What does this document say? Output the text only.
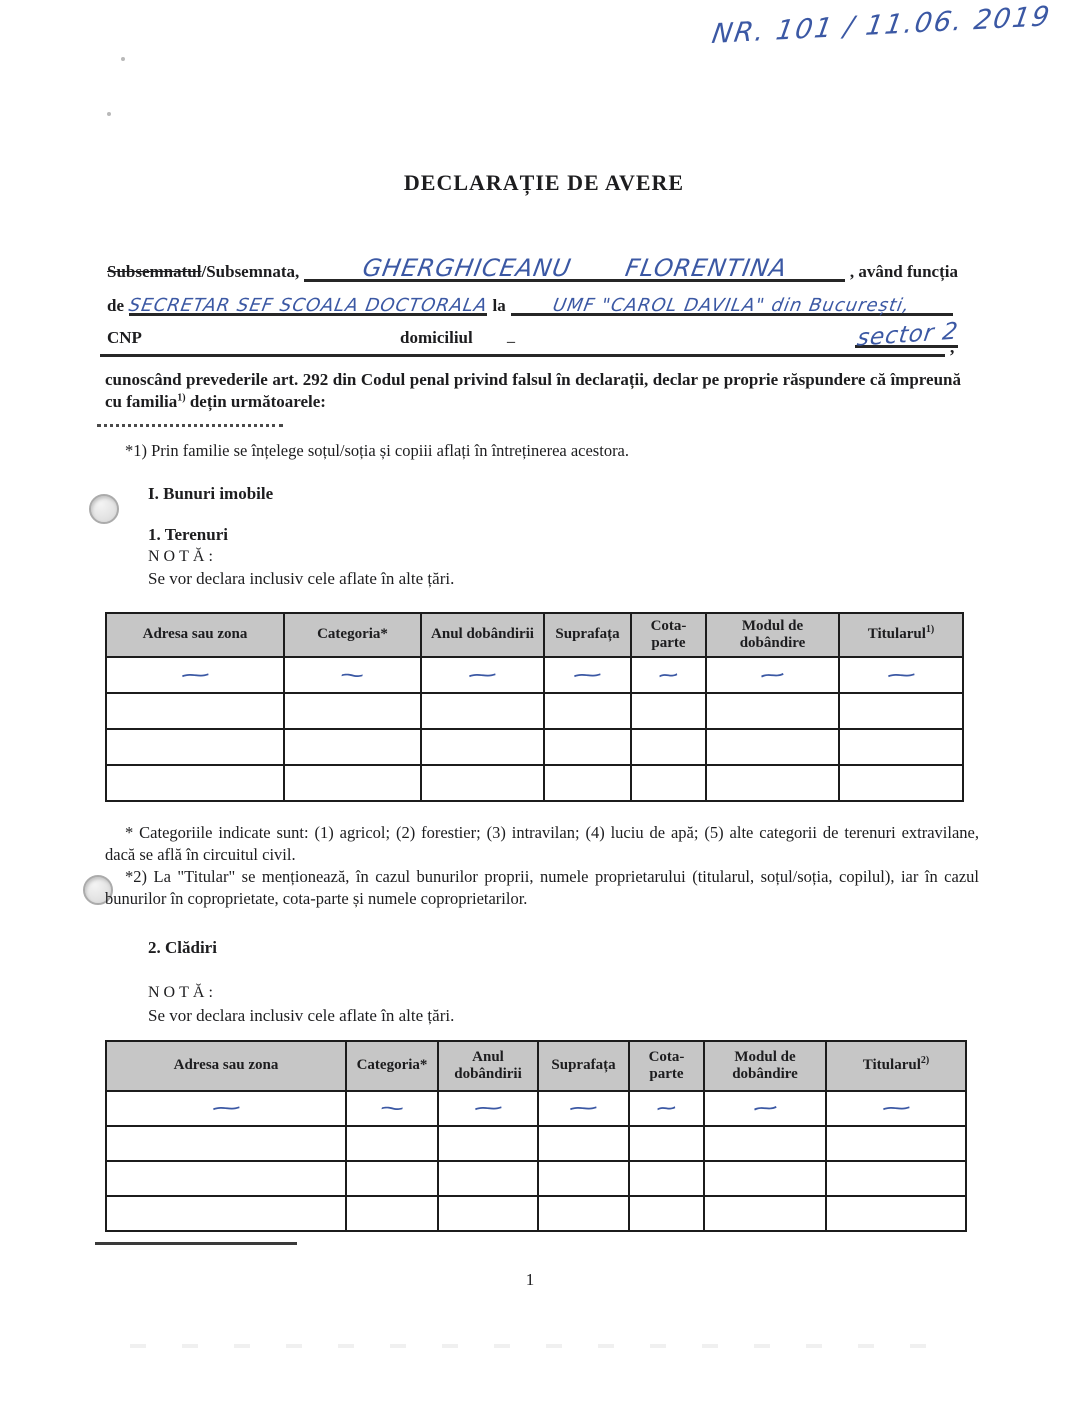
NR. 101 / 11.06. 2019
DECLARAȚIE DE AVERE
Subsemnatul/Subsemnata,	GHERGHICEANU FLORENTINA	, având funcția
de SECRETAR SEF SCOALA DOCTORALA la	UMF "CAROL DAVILA" din București,
CNP	domiciliul _	sector 2
’
cunoscând prevederile art. 292 din Codul penal privind falsul în declarații, declar pe proprie răspundere că împreună cu familia$^{1)}$ dețin următoarele:
*1) Prin familie se înțelege soțul/soția și copiii aflați în întreținerea acestora.
I. Bunuri imobile
1. Terenuri
NOTĂ:
Se vor declara inclusiv cele aflate în alte țări.
Adresa sau zona	Categoria*	Anul dobândirii	Suprafața	Cota-parte	Modul de dobândire	Titularul$^{1)}$
~	~	~	~	~	~	~

* Categoriile indicate sunt: (1) agricol; (2) forestier; (3) intravilan; (4) luciu de apă; (5) alte categorii de terenuri extravilane, dacă se află în circuitul civil.

*2) La "Titular" se menționează, în cazul bunurilor proprii, numele proprietarului (titularul, soțul/soția, copilul), iar în cazul bunurilor în coproprietate, cota-parte și numele coproprietarilor.

2. Clădiri
NOTĂ:
Se vor declara inclusiv cele aflate în alte țări.
Adresa sau zona	Categoria*	Anul dobândirii	Suprafața	Cota-parte	Modul de dobândire	Titularul$^{2)}$
~	~	~	~	~	~	~

1
